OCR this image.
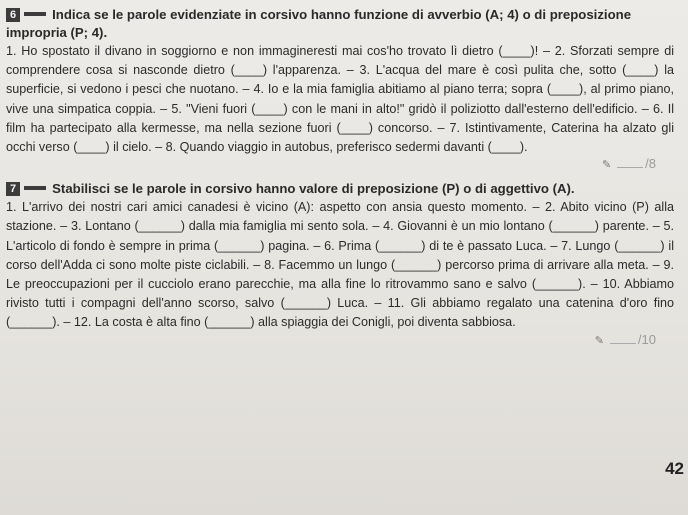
6	Indica se le parole evidenziate in corsivo hanno funzione di avverbio (A; 4) o di preposizione impropria (P; 4).
1. Ho spostato il divano in soggiorno e non immagineresti mai cos'ho trovato lì dietro (____)! – 2. Sforzati sempre di comprendere cosa si nasconde dietro (____) l'apparenza. – 3. L'acqua del mare è così pulita che, sotto (____) la superficie, si vedono i pesci che nuotano. – 4. Io e la mia famiglia abitiamo al piano terra; sopra (____), al primo piano, vive una simpatica coppia. – 5. "Vieni fuori (____) con le mani in alto!" gridò il poliziotto dall'esterno dell'edificio. – 6. Il film ha partecipato alla kermesse, ma nella sezione fuori (____) concorso. – 7. Istintivamente, Caterina ha alzato gli occhi verso (____) il cielo. – 8. Quando viaggio in autobus, preferisco sedermi davanti (____).
✎	/8
7	Stabilisci se le parole in corsivo hanno valore di preposizione (P) o di aggettivo (A).
1. L'arrivo dei nostri cari amici canadesi è vicino (A): aspetto con ansia questo momento. – 2. Abito vicino (P) alla stazione. – 3. Lontano (______) dalla mia famiglia mi sento sola. – 4. Giovanni è un mio lontano (______) parente. – 5. L'articolo di fondo è sempre in prima (______) pagina. – 6. Prima (______) di te è passato Luca. – 7. Lungo (______) il corso dell'Adda ci sono molte piste ciclabili. – 8. Facemmo un lungo (______) percorso prima di arrivare alla meta. – 9. Le preoccupazioni per il cucciolo erano parecchie, ma alla fine lo ritrovammo sano e salvo (______). – 10. Abbiamo rivisto tutti i compagni dell'anno scorso, salvo (______) Luca. – 11. Gli abbiamo regalato una catenina d'oro fino (______). – 12. La costa è alta fino (______) alla spiaggia dei Conigli, poi diventa sabbiosa.
✎	/10
42
